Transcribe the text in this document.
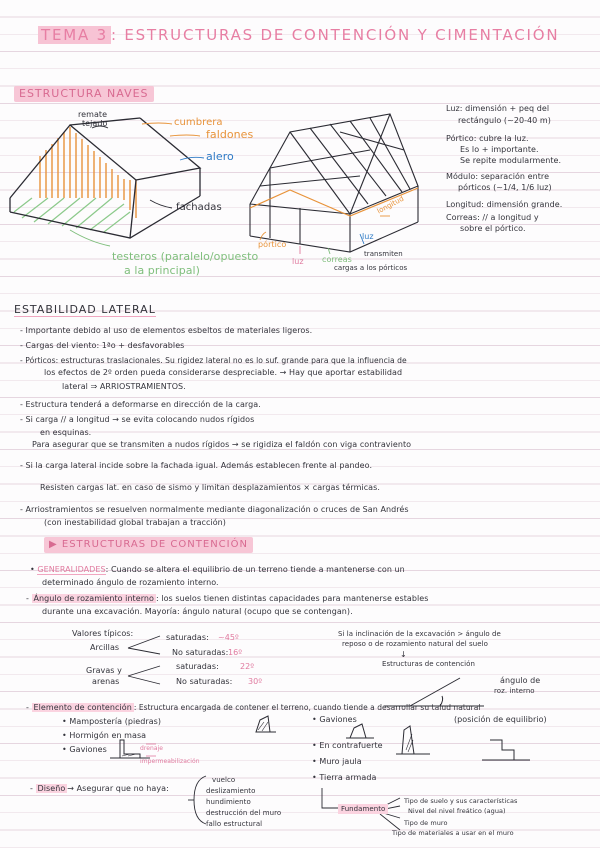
TEMA 3 : ESTRUCTURAS DE CONTENCIÓN Y CIMENTACIÓN
ESTRUCTURA NAVES
remate
tejado	cumbrera
faldones
alero
fachadas
testeros (paralelo/opuesto
a la principal)
longitud
pórtico
luz
luz correas
transmiten
cargas a los pórticos
Luz: dimensión + peq del
rectángulo (~20-40 m)
Pórtico: cubre la luz.
Es lo + importante.
Se repite modularmente.
Módulo: separación entre
pórticos (~1/4, 1/6 luz)
Longitud: dimensión grande.
Correas: // a longitud y
sobre el pórtico.
ESTABILIDAD LATERAL
- Importante debido al uso de elementos esbeltos de materiales ligeros.
- Cargas del viento: 1ªo + desfavorables
- Pórticos: estructuras traslacionales. Su rigidez lateral no es lo suf. grande para que la influencia de
los efectos de 2º orden pueda considerarse despreciable. → Hay que aportar estabilidad
lateral ⇒ ARRIOSTRAMIENTOS.
- Estructura tenderá a deformarse en dirección de la carga.
- Si carga // a longitud → se evita colocando nudos rígidos
en esquinas.
Para asegurar que se transmiten a nudos rígidos → se rigidiza el faldón con viga contraviento
- Si la carga lateral incide sobre la fachada igual. Además establecen frente al pandeo.
Resisten cargas lat. en caso de sismo y limitan desplazamientos × cargas térmicas.
- Arriostramientos se resuelven normalmente mediante diagonalización o cruces de San Andrés
(con inestabilidad global trabajan a tracción)
▶ ESTRUCTURAS DE CONTENCIÓN
• GENERALIDADES: Cuando se altera el equilibrio de un terreno tiende a mantenerse con un
determinado ángulo de rozamiento interno.
- Ángulo de rozamiento interno : los suelos tienen distintas capacidades para mantenerse estables
durante una excavación. Mayoría: ángulo natural (ocupo que se contengan).
Valores típicos:
Arcillas
Gravas y
arenas
saturadas: ~45º
No saturadas: 16º
saturadas:	22º
No saturadas: 30º
Si la inclinación de la excavación > ángulo de
reposo o de rozamiento natural del suelo
↓
Estructuras de contención
ángulo de
roz. interno
- Elemento de contención : Estructura encargada de contener el terreno, cuando tiende a desarrollar su talud natural
(posición de equilibrio)
• Mampostería (piedras)
• Hormigón en masa
• Gaviones	drenaje
impermeabilización
• Gaviones
• En contrafuerte
• Muro jaula
• Tierra armada
- Diseño → Asegurar que no haya:
vuelco
deslizamiento
hundimiento
destrucción del muro
fallo estructural
Fundamento
Tipo de suelo y sus características
Nivel del nivel freático (agua)
Tipo de muro
Tipo de materiales a usar en el muro
